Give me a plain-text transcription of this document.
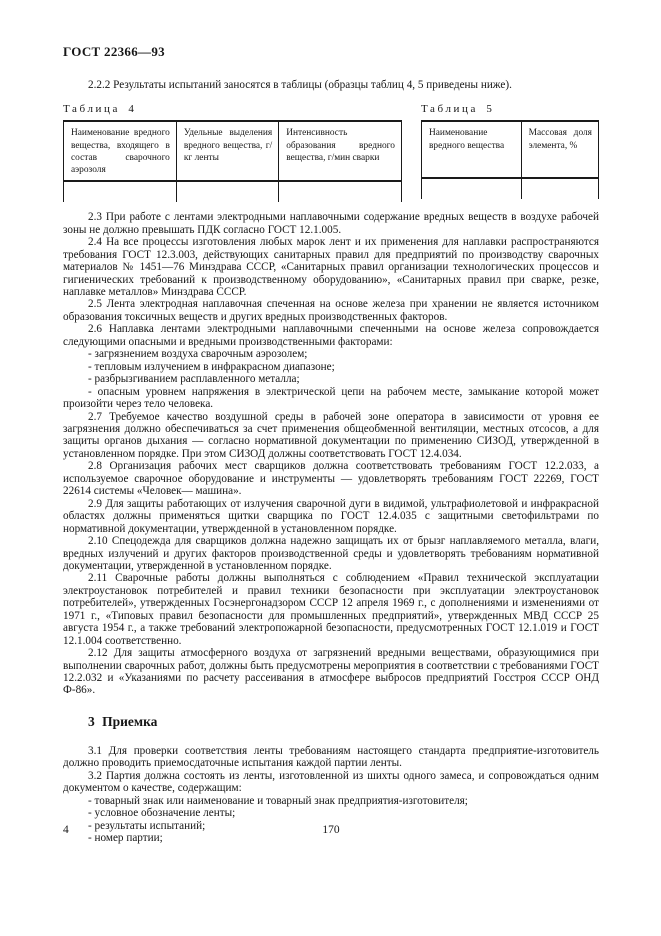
ГОСТ 22366—93

2.2.2 Результаты испытаний заносятся в таблицы (образцы таблиц 4, 5 приведены ниже).

Таблица 4
Наименование вредного вещества, входящего в состав сварочного аэрозоля	Удельные выделения вредного вещества, г/кг ленты	Интенсивность образования вредного вещества, г/мин сварки

Таблица 5
Наименование вредного вещества	Массовая доля элемента, %

2.3 При работе с лентами электродными наплавочными содержание вредных веществ в воздухе рабочей зоны не должно превышать ПДК согласно ГОСТ 12.1.005.

2.4 На все процессы изготовления любых марок лент и их применения для наплавки распространяются требования ГОСТ 12.3.003, действующих санитарных правил для предприятий по производству сварочных материалов № 1451—76 Минздрава СССР, «Санитарных правил организации технологических процессов и гигиенических требований к производственному оборудованию», «Санитарных правил при сварке, резке, наплавке металлов» Минздрава СССР.

2.5 Лента электродная наплавочная спеченная на основе железа при хранении не является источником образования токсичных веществ и других вредных производственных факторов.

2.6 Наплавка лентами электродными наплавочными спеченными на основе железа сопровождается следующими опасными и вредными производственными факторами:

- загрязнением воздуха сварочным аэрозолем;

- тепловым излучением в инфракрасном диапазоне;

- разбрызгиванием расплавленного металла;

- опасным уровнем напряжения в электрической цепи на рабочем месте, замыкание которой может произойти через тело человека.

2.7 Требуемое качество воздушной среды в рабочей зоне оператора в зависимости от уровня ее загрязнения должно обеспечиваться за счет применения общеобменной вентиляции, местных отсосов, а для защиты органов дыхания — согласно нормативной документации по применению СИЗОД, утвержденной в установленном порядке. При этом СИЗОД должны соответствовать ГОСТ 12.4.034.

2.8 Организация рабочих мест сварщиков должна соответствовать требованиям ГОСТ 12.2.033, а используемое сварочное оборудование и инструменты — удовлетворять требованиям ГОСТ 22269, ГОСТ 22614 системы «Человек— машина».

2.9 Для защиты работающих от излучения сварочной дуги в видимой, ультрафиолетовой и инфракрасной областях должны применяться щитки сварщика по ГОСТ 12.4.035 с защитными светофильтрами по нормативной документации, утвержденной в установленном порядке.

2.10 Спецодежда для сварщиков должна надежно защищать их от брызг наплавляемого металла, влаги, вредных излучений и других факторов производственной среды и удовлетворять требованиям нормативной документации, утвержденной в установленном порядке.

2.11 Сварочные работы должны выполняться с соблюдением «Правил технической эксплуатации электроустановок потребителей и правил техники безопасности при эксплуатации электроустановок потребителей», утвержденных Госэнергонадзором СССР 12 апреля 1969 г., с дополнениями и изменениями от 1971 г., «Типовых правил безопасности для промышленных предприятий», утвержденных МВД СССР 25 августа 1954 г., а также требований электропожарной безопасности, предусмотренных ГОСТ 12.1.019 и ГОСТ 12.1.004 соответственно.

2.12 Для защиты атмосферного воздуха от загрязнений вредными веществами, образующимися при выполнении сварочных работ, должны быть предусмотрены мероприятия в соответствии с требованиями ГОСТ 12.2.032 и «Указаниями по расчету рассеивания в атмосфере выбросов предприятий Госстроя СССР ОНД Ф-86».

3 Приемка

3.1 Для проверки соответствия ленты требованиям настоящего стандарта предприятие-изготовитель должно проводить приемосдаточные испытания каждой партии ленты.

3.2 Партия должна состоять из ленты, изготовленной из шихты одного замеса, и сопровождаться одним документом о качестве, содержащим:

- товарный знак или наименование и товарный знак предприятия-изготовителя;

- условное обозначение ленты;

- результаты испытаний;

- номер партии;

4	170
